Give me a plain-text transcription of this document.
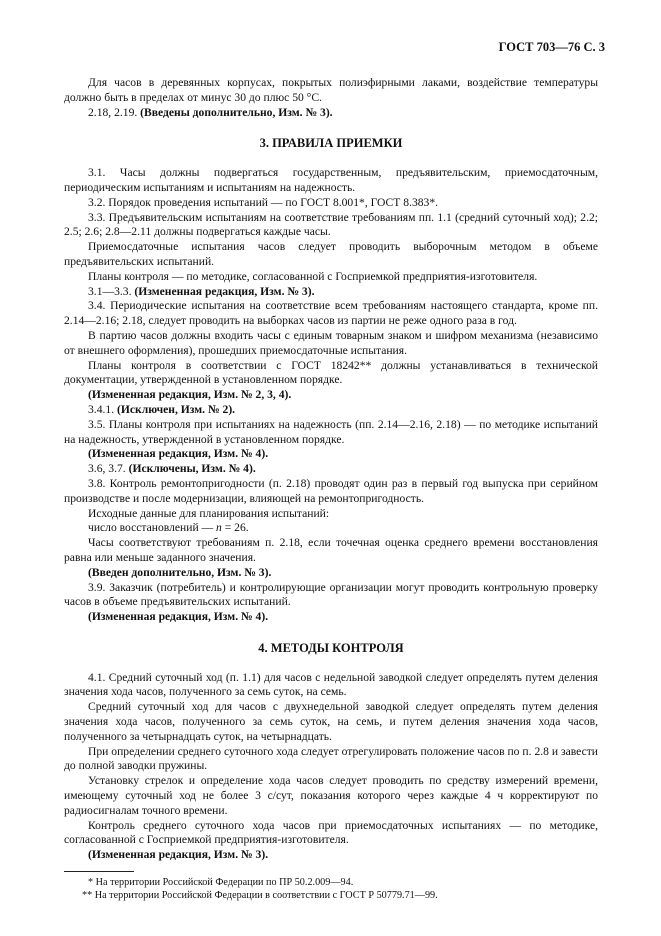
ГОСТ 703—76 С. 3

Для часов в деревянных корпусах, покрытых полиэфирными лаками, воздействие температуры должно быть в пределах от минус 30 до плюс 50 °С.

2.18, 2.19. (Введены дополнительно, Изм. № 3).

3. ПРАВИЛА ПРИЕМКИ

3.1. Часы должны подвергаться государственным, предъявительским, приемосдаточным, периодическим испытаниям и испытаниям на надежность.

3.2. Порядок проведения испытаний — по ГОСТ 8.001*, ГОСТ 8.383*.

3.3. Предъявительским испытаниям на соответствие требованиям пп. 1.1 (средний суточный ход); 2.2; 2.5; 2.6; 2.8—2.11 должны подвергаться каждые часы.

Приемосдаточные испытания часов следует проводить выборочным методом в объеме предъявительских испытаний.

Планы контроля — по методике, согласованной с Госприемкой предприятия-изготовителя.

3.1—3.3. (Измененная редакция, Изм. № 3).

3.4. Периодические испытания на соответствие всем требованиям настоящего стандарта, кроме пп. 2.14—2.16; 2.18, следует проводить на выборках часов из партии не реже одного раза в год.

В партию часов должны входить часы с единым товарным знаком и шифром механизма (независимо от внешнего оформления), прошедших приемосдаточные испытания.

Планы контроля в соответствии с ГОСТ 18242** должны устанавливаться в технической документации, утвержденной в установленном порядке.

(Измененная редакция, Изм. № 2, 3, 4).

3.4.1. (Исключен, Изм. № 2).

3.5. Планы контроля при испытаниях на надежность (пп. 2.14—2.16, 2.18) — по методике испытаний на надежность, утвержденной в установленном порядке.

(Измененная редакция, Изм. № 4).

3.6, 3.7. (Исключены, Изм. № 4).

3.8. Контроль ремонтопригодности (п. 2.18) проводят один раз в первый год выпуска при серийном производстве и после модернизации, влияющей на ремонтопригодность.

Исходные данные для планирования испытаний:

число восстановлений — n = 26.

Часы соответствуют требованиям п. 2.18, если точечная оценка среднего времени восстановления равна или меньше заданного значения.

(Введен дополнительно, Изм. № 3).

3.9. Заказчик (потребитель) и контролирующие организации могут проводить контрольную проверку часов в объеме предъявительских испытаний.

(Измененная редакция, Изм. № 4).

4. МЕТОДЫ КОНТРОЛЯ

4.1. Средний суточный ход (п. 1.1) для часов с недельной заводкой следует определять путем деления значения хода часов, полученного за семь суток, на семь.

Средний суточный ход для часов с двухнедельной заводкой следует определять путем деления значения хода часов, полученного за семь суток, на семь, и путем деления значения хода часов, полученного за четырнадцать суток, на четырнадцать.

При определении среднего суточного хода следует отрегулировать положение часов по п. 2.8 и завести до полной заводки пружины.

Установку стрелок и определение хода часов следует проводить по средству измерений времени, имеющему суточный ход не более 3 с/сут, показания которого через каждые 4 ч корректируют по радиосигналам точного времени.

Контроль среднего суточного хода часов при приемосдаточных испытаниях — по методике, согласованной с Госприемкой предприятия-изготовителя.

(Измененная редакция, Изм. № 3).

* На территории Российской Федерации по ПР 50.2.009—94.

** На территории Российской Федерации в соответствии с ГОСТ Р 50779.71—99.
